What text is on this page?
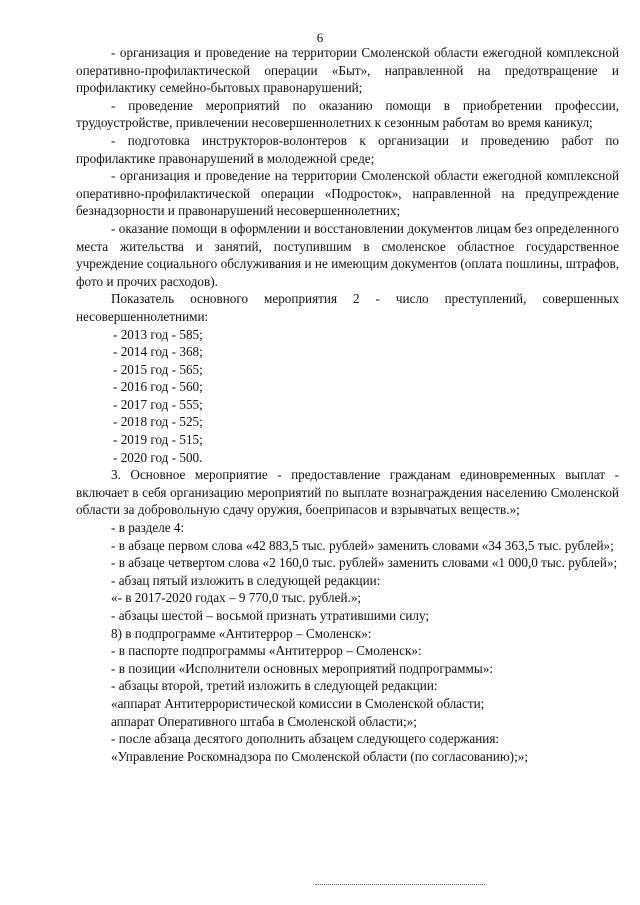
6

- организация и проведение на территории Смоленской области ежегодной комплексной оперативно-профилактической операции «Быт», направленной на предотвращение и профилактику семейно-бытовых правонарушений;

- проведение мероприятий по оказанию помощи в приобретении профессии, трудоустройстве, привлечении несовершеннолетних к сезонным работам во время каникул;

- подготовка инструкторов-волонтеров к организации и проведению работ по профилактике правонарушений в молодежной среде;

- организация и проведение на территории Смоленской области ежегодной комплексной оперативно-профилактической операции «Подросток», направленной на предупреждение безнадзорности и правонарушений несовершеннолетних;

- оказание помощи в оформлении и восстановлении документов лицам без определенного места жительства и занятий, поступившим в смоленское областное государственное учреждение социального обслуживания и не имеющим документов (оплата пошлины, штрафов, фото и прочих расходов).

Показатель основного мероприятия 2 - число преступлений, совершенных несовершеннолетними:

- 2013 год - 585;

- 2014 год - 368;

- 2015 год - 565;

- 2016 год - 560;

- 2017 год - 555;

- 2018 год - 525;

- 2019 год - 515;

- 2020 год - 500.

3. Основное мероприятие - предоставление гражданам единовременных выплат - включает в себя организацию мероприятий по выплате вознаграждения населению Смоленской области за добровольную сдачу оружия, боеприпасов и взрывчатых веществ.»;

- в разделе 4:

- в абзаце первом слова «42 883,5 тыс. рублей» заменить словами «34 363,5 тыс. рублей»;

- в абзаце четвертом слова «2 160,0 тыс. рублей» заменить словами «1 000,0 тыс. рублей»;

- абзац пятый изложить в следующей редакции:

«- в 2017-2020 годах – 9 770,0 тыс. рублей.»;

- абзацы шестой – восьмой признать утратившими силу;

8) в подпрограмме «Антитеррор – Смоленск»:

- в паспорте подпрограммы «Антитеррор – Смоленск»:

- в позиции «Исполнители основных мероприятий подпрограммы»:

- абзацы второй, третий изложить в следующей редакции:

«аппарат Антитеррористической комиссии в Смоленской области;

аппарат Оперативного штаба в Смоленской области;»;

- после абзаца десятого дополнить абзацем следующего содержания:

«Управление Роскомнадзора по Смоленской области (по согласованию);»;
